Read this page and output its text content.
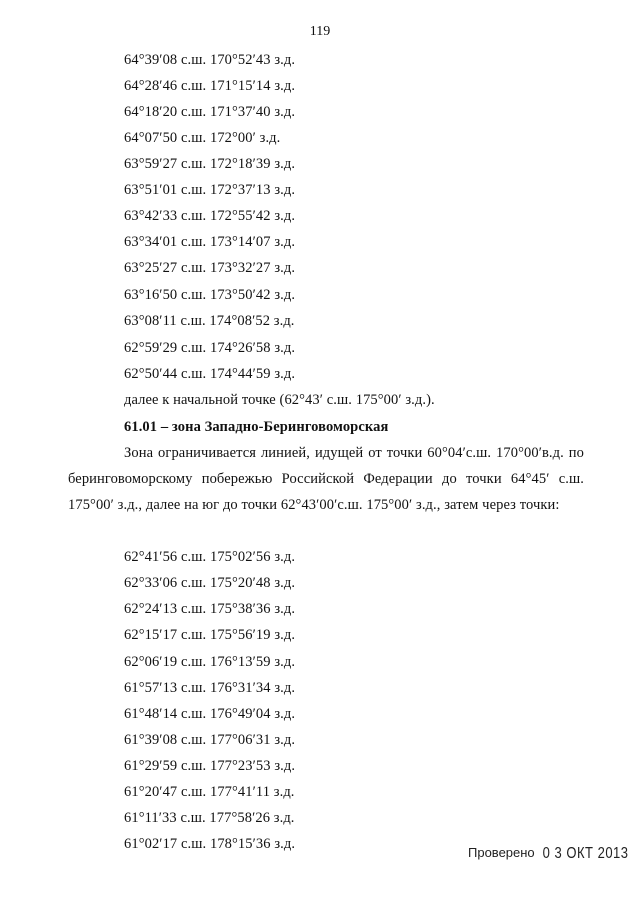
119
64°39′08 с.ш. 170°52′43 з.д.
64°28′46 с.ш. 171°15′14 з.д.
64°18′20 с.ш. 171°37′40 з.д.
64°07′50 с.ш. 172°00′ з.д.
63°59′27 с.ш. 172°18′39 з.д.
63°51′01 с.ш. 172°37′13 з.д.
63°42′33 с.ш. 172°55′42 з.д.
63°34′01 с.ш. 173°14′07 з.д.
63°25′27 с.ш. 173°32′27 з.д.
63°16′50 с.ш. 173°50′42 з.д.
63°08′11 с.ш. 174°08′52 з.д.
62°59′29 с.ш. 174°26′58 з.д.
62°50′44 с.ш. 174°44′59 з.д.
далее к начальной точке (62°43′ с.ш. 175°00′ з.д.).
61.01 – зона Западно-Беринговоморская
Зона ограничивается линией, идущей от точки 60°04′с.ш. 170°00′в.д. по
беринговоморскому побережью Российской Федерации до точки 64°45′ с.ш.
175°00′ з.д., далее на юг до точки 62°43′00′с.ш. 175°00′ з.д., затем через точки:
62°41′56 с.ш. 175°02′56 з.д.
62°33′06 с.ш. 175°20′48 з.д.
62°24′13 с.ш. 175°38′36 з.д.
62°15′17 с.ш. 175°56′19 з.д.
62°06′19 с.ш. 176°13′59 з.д.
61°57′13 с.ш. 176°31′34 з.д.
61°48′14 с.ш. 176°49′04 з.д.
61°39′08 с.ш. 177°06′31 з.д.
61°29′59 с.ш. 177°23′53 з.д.
61°20′47 с.ш. 177°41′11 з.д.
61°11′33 с.ш. 177°58′26 з.д.
61°02′17 с.ш. 178°15′36 з.д.
Проверено 0 3 ОКТ 2013
